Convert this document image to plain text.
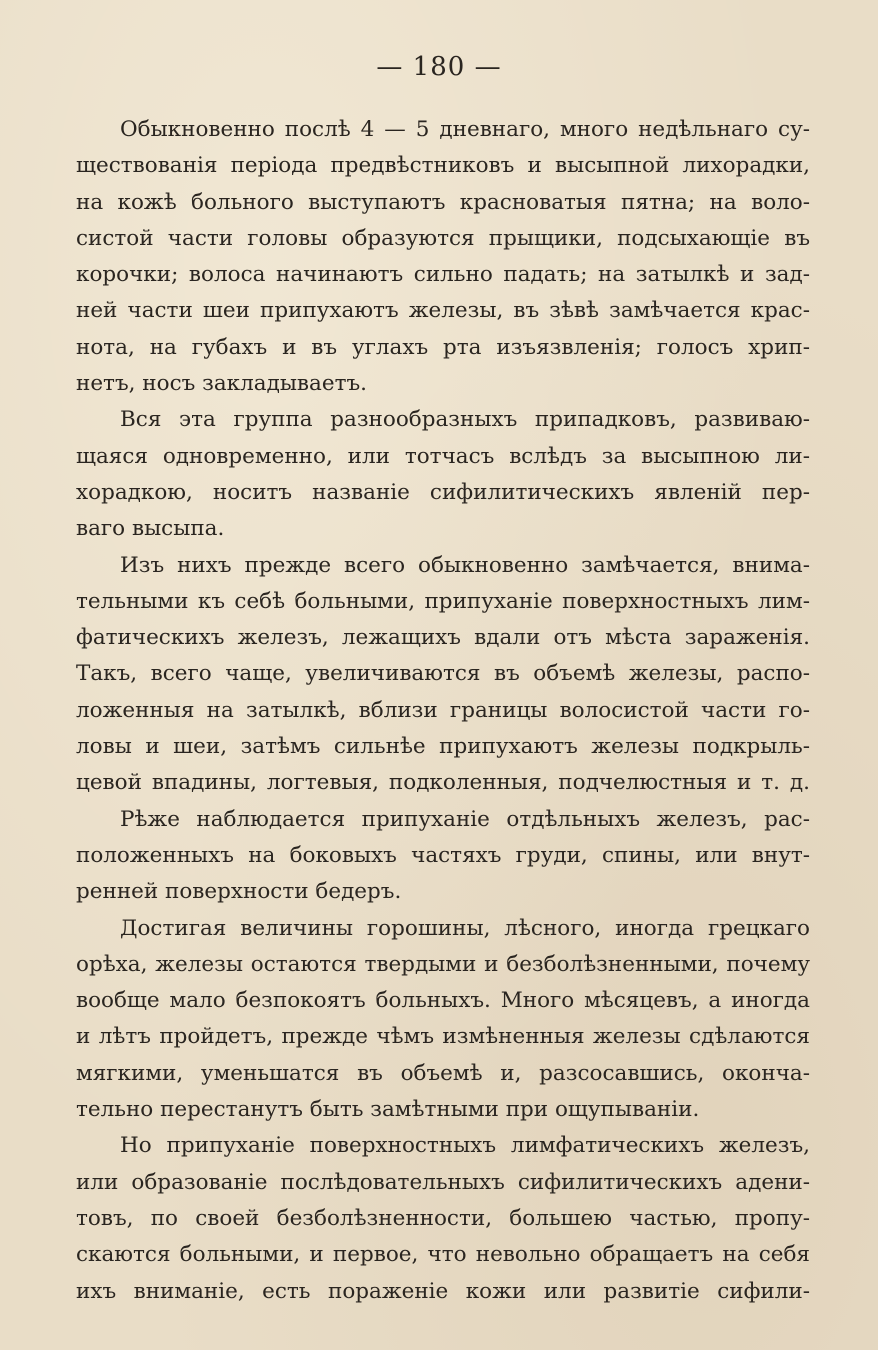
— 180 —
Обыкновенно послѣ 4 — 5 дневнаго, много недѣльнаго су-
ществованія періода предвѣстниковъ и высыпной лихорадки,
на кожѣ больного выступаютъ красноватыя пятна; на воло-
систой части головы образуются прыщики, подсыхающіе въ
корочки; волоса начинаютъ сильно падать; на затылкѣ и зад-
ней части шеи припухаютъ железы, въ зѣвѣ замѣчается крас-
нота, на губахъ и въ углахъ рта изъязвленія; голосъ хрип-
нетъ, носъ закладываетъ.
Вся эта группа разнообразныхъ припадковъ, развиваю-
щаяся одновременно, или тотчасъ вслѣдъ за высыпною ли-
хорадкою, носитъ названіе сифилитическихъ явленій пер-
ваго высыпа.
Изъ нихъ прежде всего обыкновенно замѣчается, внима-
тельными къ себѣ больными, припуханіе поверхностныхъ лим-
фатическихъ железъ, лежащихъ вдали отъ мѣста зараженія.
Такъ, всего чаще, увеличиваются въ объемѣ железы, распо-
ложенныя на затылкѣ, вблизи границы волосистой части го-
ловы и шеи, затѣмъ сильнѣе припухаютъ железы подкрыль-
цевой впадины, логтевыя, подколенныя, подчелюстныя и т. д.
Рѣже наблюдается припуханіе отдѣльныхъ железъ, рас-
положенныхъ на боковыхъ частяхъ груди, спины, или внут-
ренней поверхности бедеръ.
Достигая величины горошины, лѣсного, иногда грецкаго
орѣха, железы остаются твердыми и безболѣзненными, почему
вообще мало безпокоятъ больныхъ. Много мѣсяцевъ, а иногда
и лѣтъ пройдетъ, прежде чѣмъ измѣненныя железы сдѣлаются
мягкими, уменьшатся въ объемѣ и, разсосавшись, оконча-
тельно перестанутъ быть замѣтными при ощупываніи.
Но припуханіе поверхностныхъ лимфатическихъ железъ,
или образованіе послѣдовательныхъ сифилитическихъ адени-
товъ, по своей безболѣзненности, большею частью, пропу-
скаются больными, и первое, что невольно обращаетъ на себя
ихъ вниманіе, есть пораженіе кожи или развитіе сифили-
